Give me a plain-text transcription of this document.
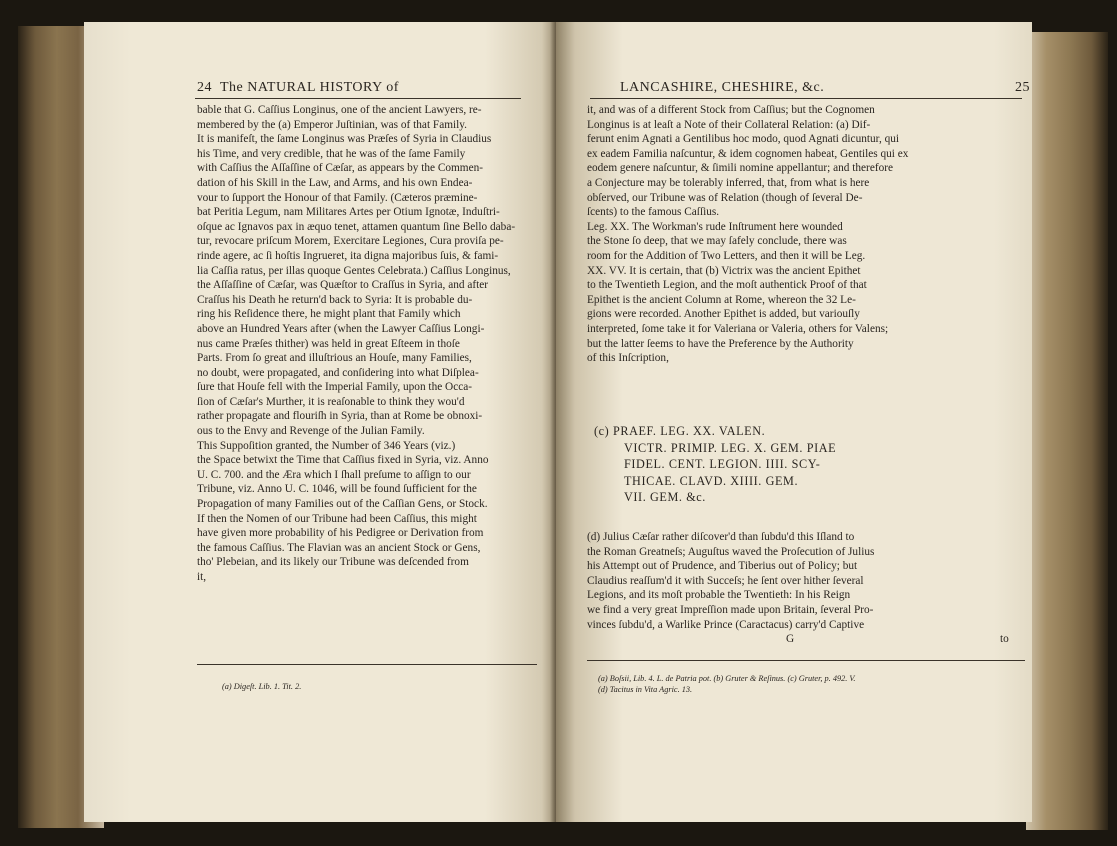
24 The NATURAL HISTORY of
bable that G. Caſſius Longinus, one of the ancient Lawyers, re-
membered by the (a) Emperor Juſtinian, was of that Family.
It is manifeſt, the ſame Longinus was Præſes of Syria in Claudius
his Time, and very credible, that he was of the ſame Family
with Caſſius the Aſſaſſine of Cæſar, as appears by the Commen-
dation of his Skill in the Law, and Arms, and his own Endea-
vour to ſupport the Honour of that Family. (Cæteros præmine-
bat Peritia Legum, nam Militares Artes per Otium Ignotæ, Induſtri-
oſque ac Ignavos pax in æquo tenet, attamen quantum ſine Bello daba-
tur, revocare priſcum Morem, Exercitare Legiones, Cura proviſa pe-
rinde agere, ac ſi hoſtis Ingrueret, ita digna majoribus ſuis, & fami-
lia Caſſia ratus, per illas quoque Gentes Celebrata.) Caſſius Longinus,
the Aſſaſſine of Cæſar, was Quæſtor to Craſſus in Syria, and after
Craſſus his Death he return'd back to Syria: It is probable du-
ring his Reſidence there, he might plant that Family which
above an Hundred Years after (when the Lawyer Caſſius Longi-
nus came Præſes thither) was held in great Eſteem in thoſe
Parts. From ſo great and illuſtrious an Houſe, many Families,
no doubt, were propagated, and conſidering into what Diſplea-
ſure that Houſe fell with the Imperial Family, upon the Occa-
ſion of Cæſar's Murther, it is reaſonable to think they wou'd
rather propagate and flouriſh in Syria, than at Rome be obnoxi-
ous to the Envy and Revenge of the Julian Family.
This Suppoſition granted, the Number of 346 Years (viz.)
the Space betwixt the Time that Caſſius fixed in Syria, viz. Anno
U. C. 700. and the Æra which I ſhall preſume to aſſign to our
Tribune, viz. Anno U. C. 1046, will be found ſufficient for the
Propagation of many Families out of the Caſſian Gens, or Stock.
If then the Nomen of our Tribune had been Caſſius, this might
have given more probability of his Pedigree or Derivation from
the famous Caſſius. The Flavian was an ancient Stock or Gens,
tho' Plebeian, and its likely our Tribune was deſcended from
it,
(a) Digeſt. Lib. 1. Tit. 2.
LANCASHIRE, CHESHIRE, &c.	25
it, and was of a different Stock from Caſſius; but the Cognomen
Longinus is at leaſt a Note of their Collateral Relation: (a) Dif-
ferunt enim Agnati a Gentilibus hoc modo, quod Agnati dicuntur, qui
ex eadem Familia naſcuntur, & idem cognomen habeat, Gentiles qui ex
eodem genere naſcuntur, & ſimili nomine appellantur; and therefore
a Conjecture may be tolerably inferred, that, from what is here
obſerved, our Tribune was of Relation (though of ſeveral De-
ſcents) to the famous Caſſius.
Leg. XX. The Workman's rude Inſtrument here wounded
the Stone ſo deep, that we may ſafely conclude, there was
room for the Addition of Two Letters, and then it will be Leg.
XX. VV. It is certain, that (b) Victrix was the ancient Epithet
to the Twentieth Legion, and the moſt authentick Proof of that
Epithet is the ancient Column at Rome, whereon the 32 Le-
gions were recorded. Another Epithet is added, but variouſly
interpreted, ſome take it for Valeriana or Valeria, others for Valens;
but the latter ſeems to have the Preference by the Authority
of this Inſcription,
(d) Julius Cæſar rather diſcover'd than ſubdu'd this Iſland to
the Roman Greatneſs; Auguſtus waved the Proſecution of Julius
his Attempt out of Prudence, and Tiberius out of Policy; but
Claudius reaſſum'd it with Succeſs; he ſent over hither ſeveral
Legions, and its moſt probable the Twentieth: In his Reign
we find a very great Impreſſion made upon Britain, ſeveral Pro-
vinces ſubdu'd, a Warlike Prince (Caractacus) carry'd Captive
G	to
(c) PRAEF. LEG. XX. VALEN.
VICTR. PRIMIP. LEG. X. GEM. PIAE
FIDEL. CENT. LEGION. IIII. SCY-
THICAE. CLAVD. XIIII. GEM.
VII. GEM. &c.
(a) Boſsii, Lib. 4. L. de Patria pot. (b) Gruter & Reſinus. (c) Gruter, p. 492. V.
(d) Tacitus in Vita Agric. 13.
